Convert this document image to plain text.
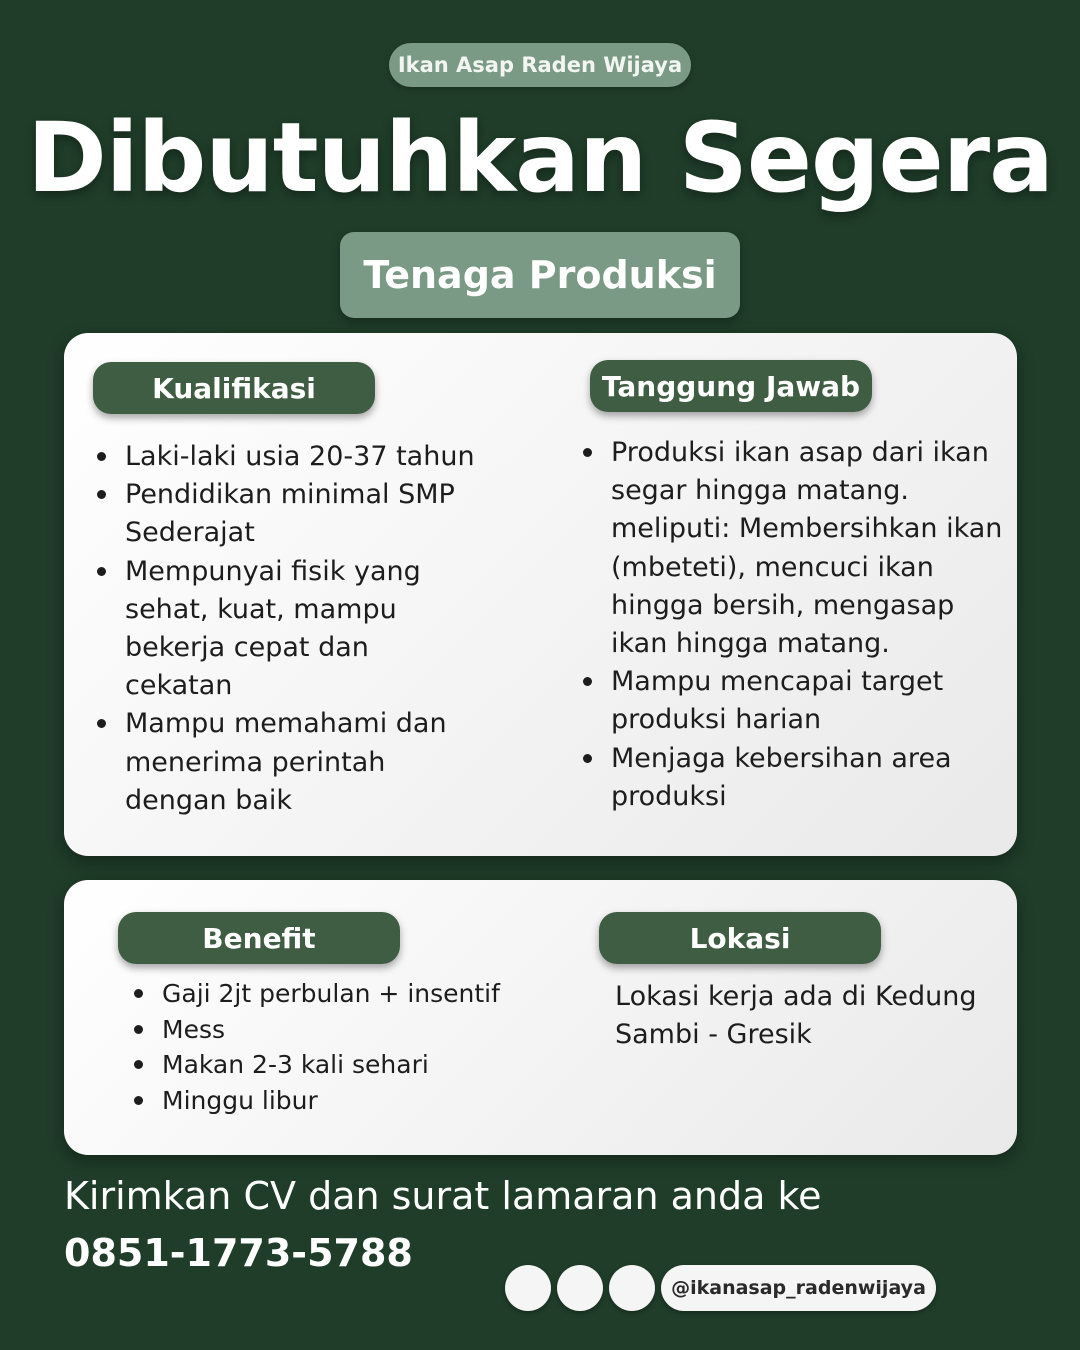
Ikan Asap Raden Wijaya
Dibutuhkan Segera
Tenaga Produksi
Kualifikasi	Tanggung Jawab
Laki-laki usia 20-37 tahun
Pendidikan minimal SMP Sederajat
Mempunyai fisik yang sehat, kuat, mampu bekerja cepat dan cekatan
Mampu memahami dan menerima perintah dengan baik
Produksi ikan asap dari ikan segar hingga matang. meliputi: Membersihkan ikan (mbeteti), mencuci ikan hingga bersih, mengasap ikan hingga matang.
Mampu mencapai target produksi harian
Menjaga kebersihan area produksi
Benefit	Lokasi
Gaji 2jt perbulan + insentif
Mess
Makan 2-3 kali sehari
Minggu libur
Lokasi kerja ada di Kedung Sambi - Gresik
Kirimkan CV dan surat lamaran anda ke
0851-1773-5788
@ikanasap_radenwijaya
